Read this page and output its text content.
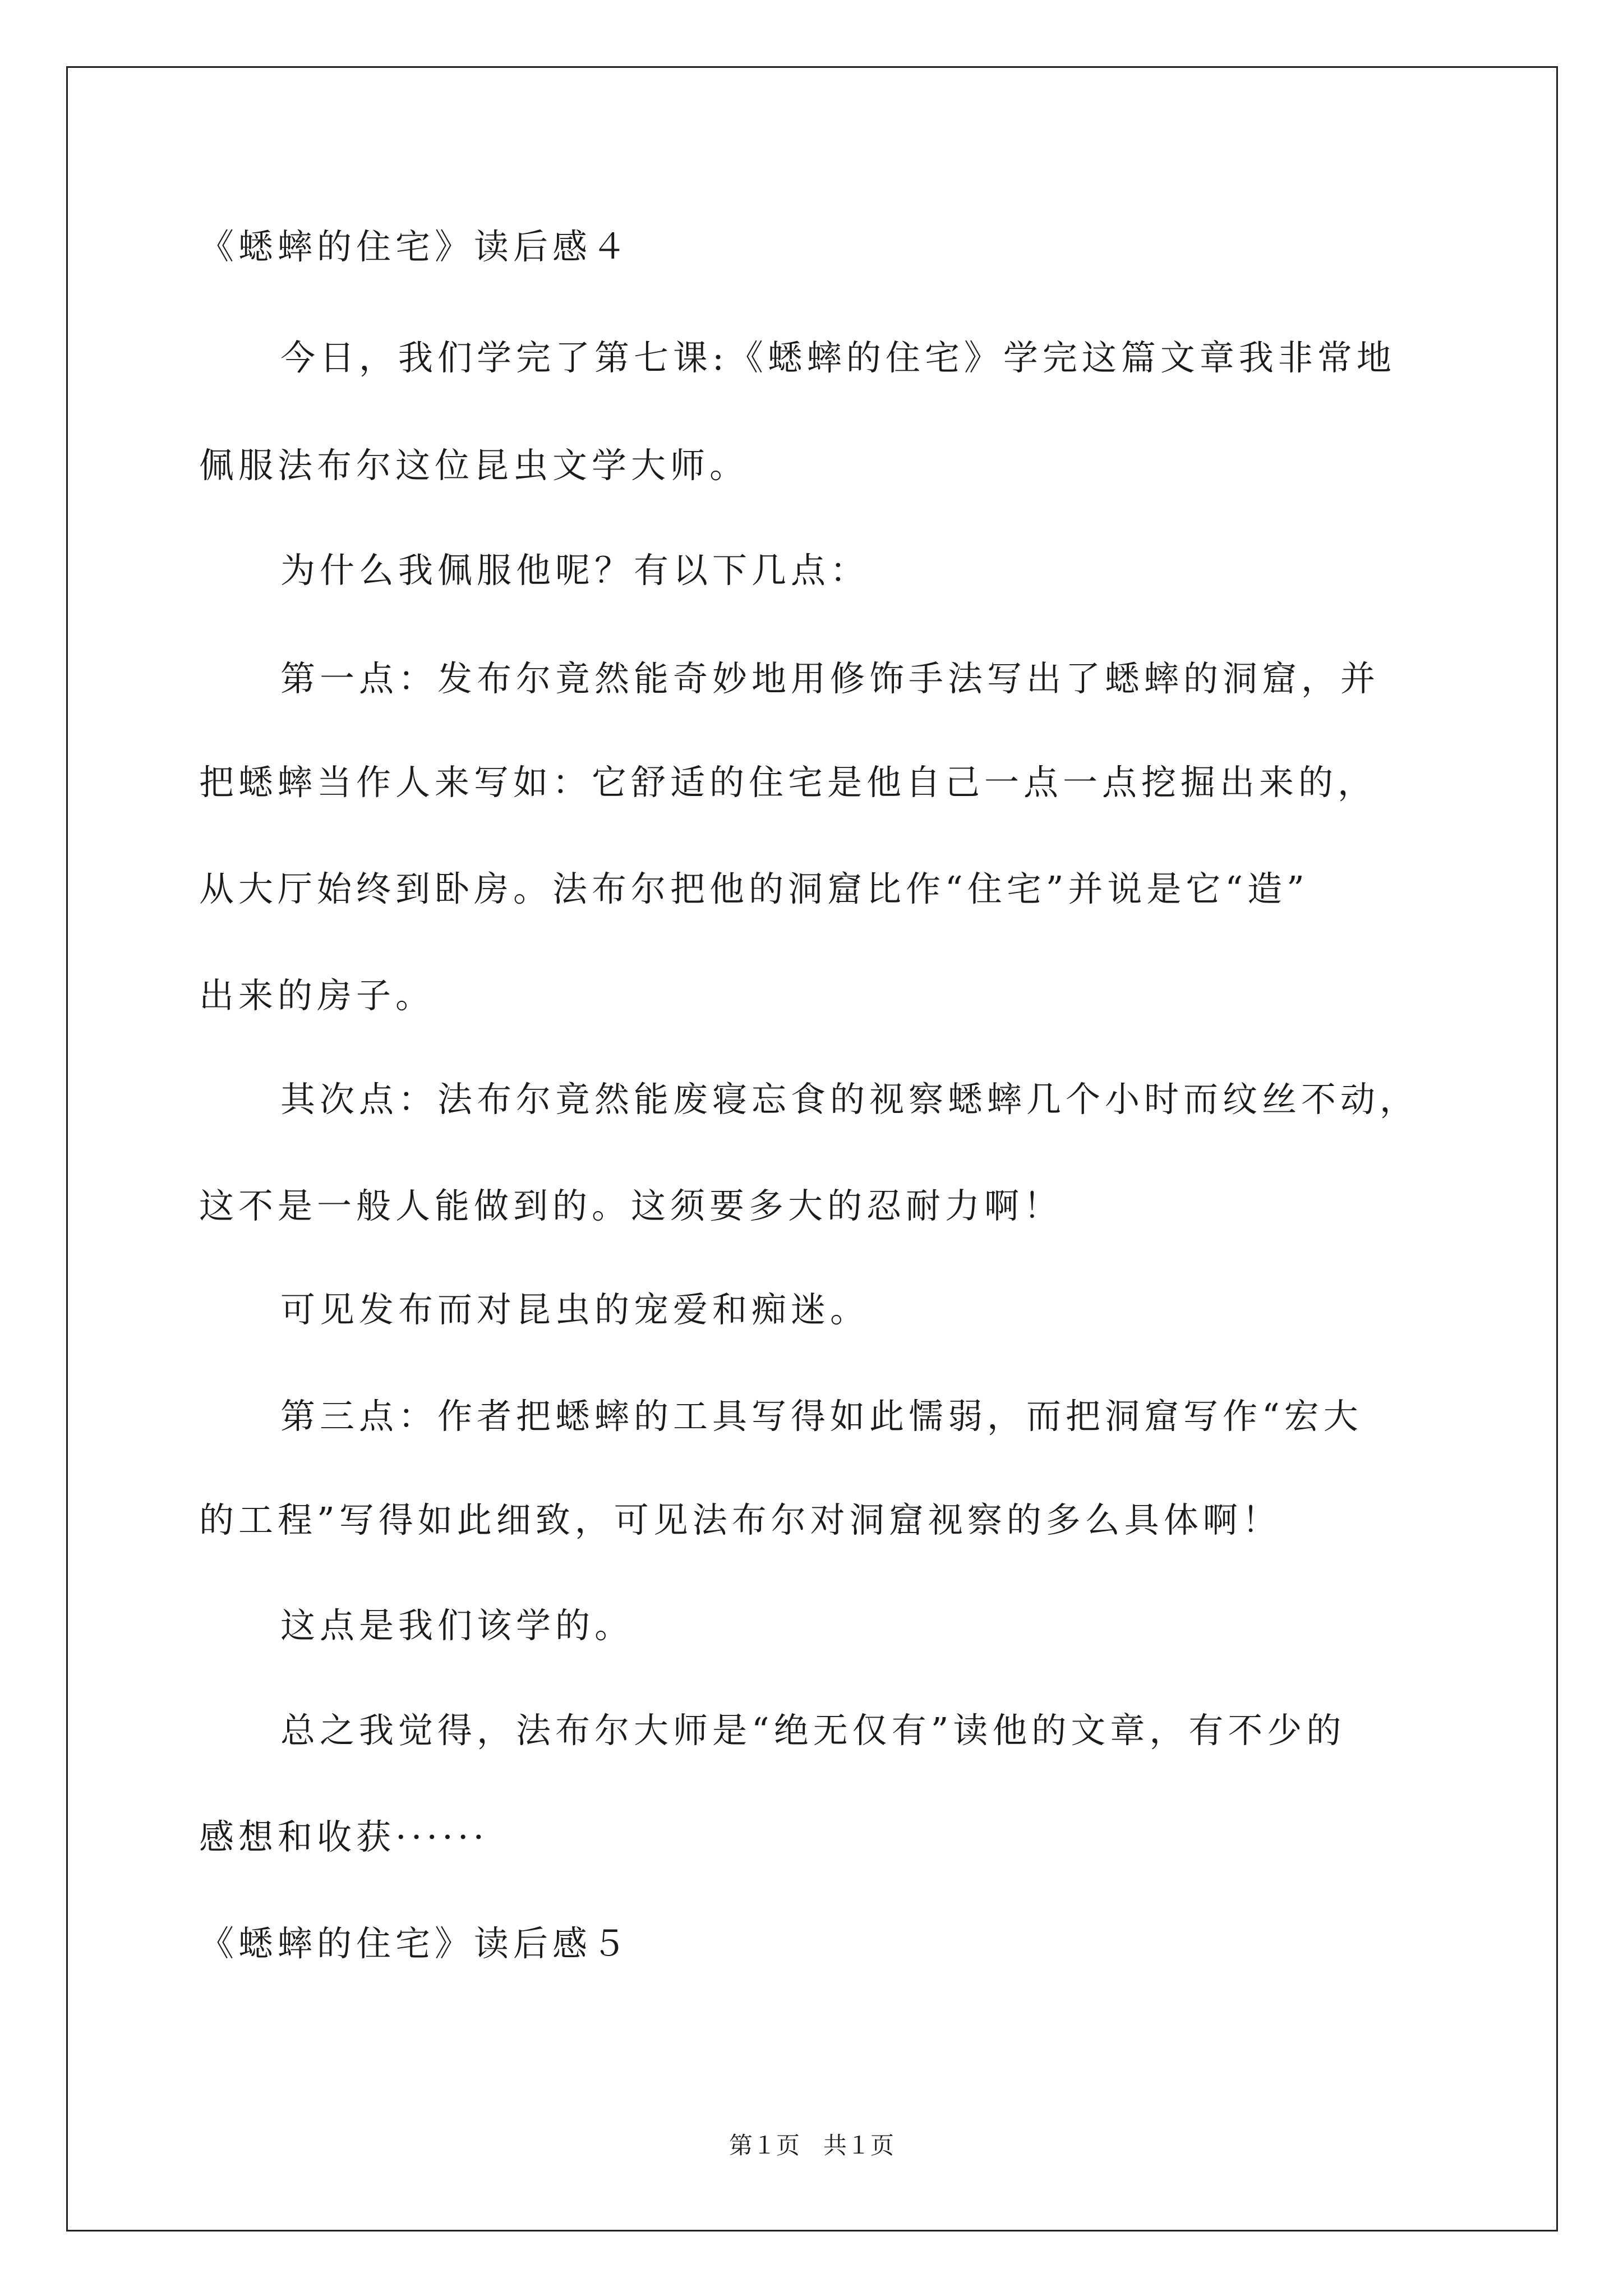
《蟋蟀的住宅》读后感４

今日，我们学完了第七课:《蟋蟀的住宅》学完这篇文章我非常地

佩服法布尔这位昆虫文学大师。

为什么我佩服他呢？有以下几点：

第一点：发布尔竟然能奇妙地用修饰手法写出了蟋蟀的洞窟，并

把蟋蟀当作人来写如：它舒适的住宅是他自己一点一点挖掘出来的，

从大厅始终到卧房。法布尔把他的洞窟比作“住宅”并说是它“造”

出来的房子。

其次点：法布尔竟然能废寝忘食的视察蟋蟀几个小时而纹丝不动，

这不是一般人能做到的。这须要多大的忍耐力啊！

可见发布而对昆虫的宠爱和痴迷。

第三点：作者把蟋蟀的工具写得如此懦弱，而把洞窟写作“宏大

的工程”写得如此细致，可见法布尔对洞窟视察的多么具体啊！

这点是我们该学的。

总之我觉得，法布尔大师是“绝无仅有”读他的文章，有不少的

感想和收获······

《蟋蟀的住宅》读后感５

第１页　共１页
